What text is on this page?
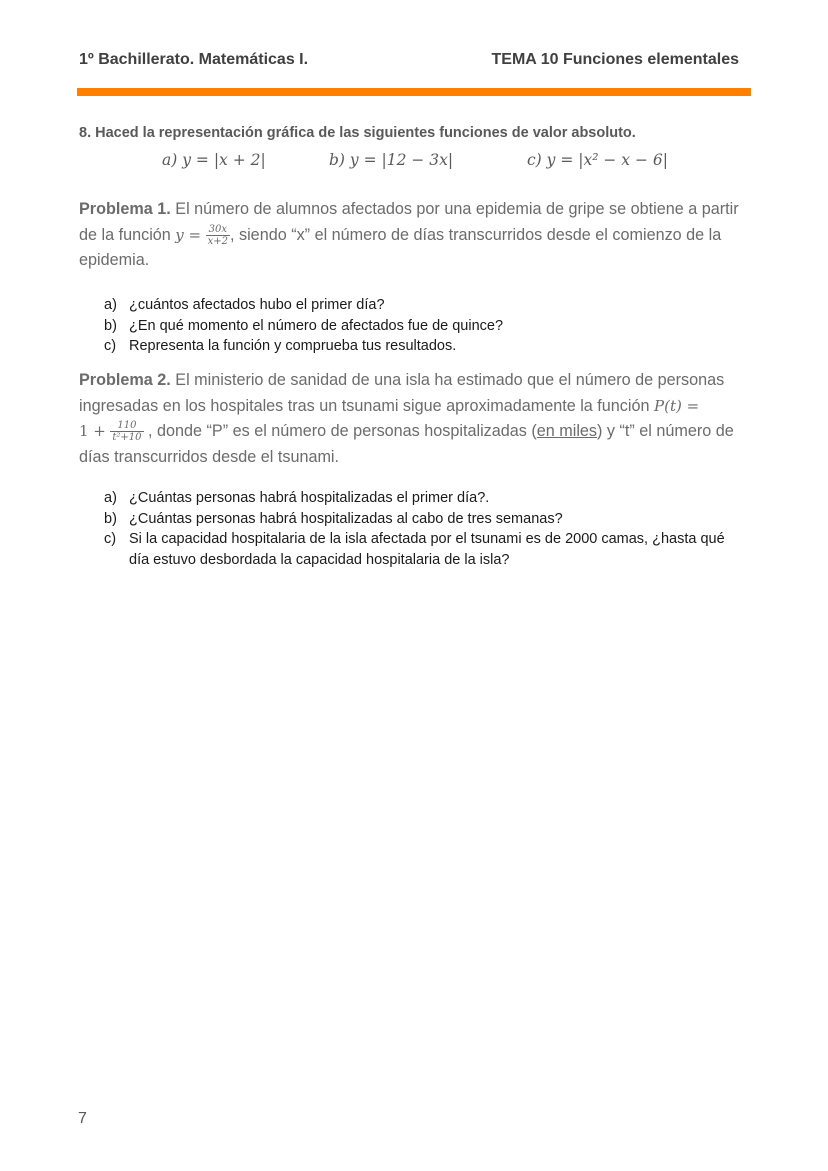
1º Bachillerato. Matemáticas I.	TEMA 10 Funciones elementales
8. Haced la representación gráfica de las siguientes funciones de valor absoluto.
a) y = |x + 2|	b) y = |12 − 3x|	c) y = |x² − x − 6|
Problema 1. El número de alumnos afectados por una epidemia de gripe se obtiene a partir de la función $y = \frac{30x}{x+2}$ , siendo “x” el número de días transcurridos desde el comienzo de la epidemia.
a) ¿cuántos afectados hubo el primer día?
b) ¿En qué momento el número de afectados fue de quince?
c) Representa la función y comprueba tus resultados.
Problema 2. El ministerio de sanidad de una isla ha estimado que el número de personas ingresadas en los hospitales tras un tsunami sigue aproximadamente la función P(t) =
$1 + \frac{110}{\text{t²+10}}$ , donde “P” es el número de personas hospitalizadas (en miles) y “t” el número de días transcurridos desde el tsunami.
a) ¿Cuántas personas habrá hospitalizadas el primer día?.
b) ¿Cuántas personas habrá hospitalizadas al cabo de tres semanas?
c) Si la capacidad hospitalaria de la isla afectada por el tsunami es de 2000 camas, ¿hasta qué día estuvo desbordada la capacidad hospitalaria de la isla?
7
